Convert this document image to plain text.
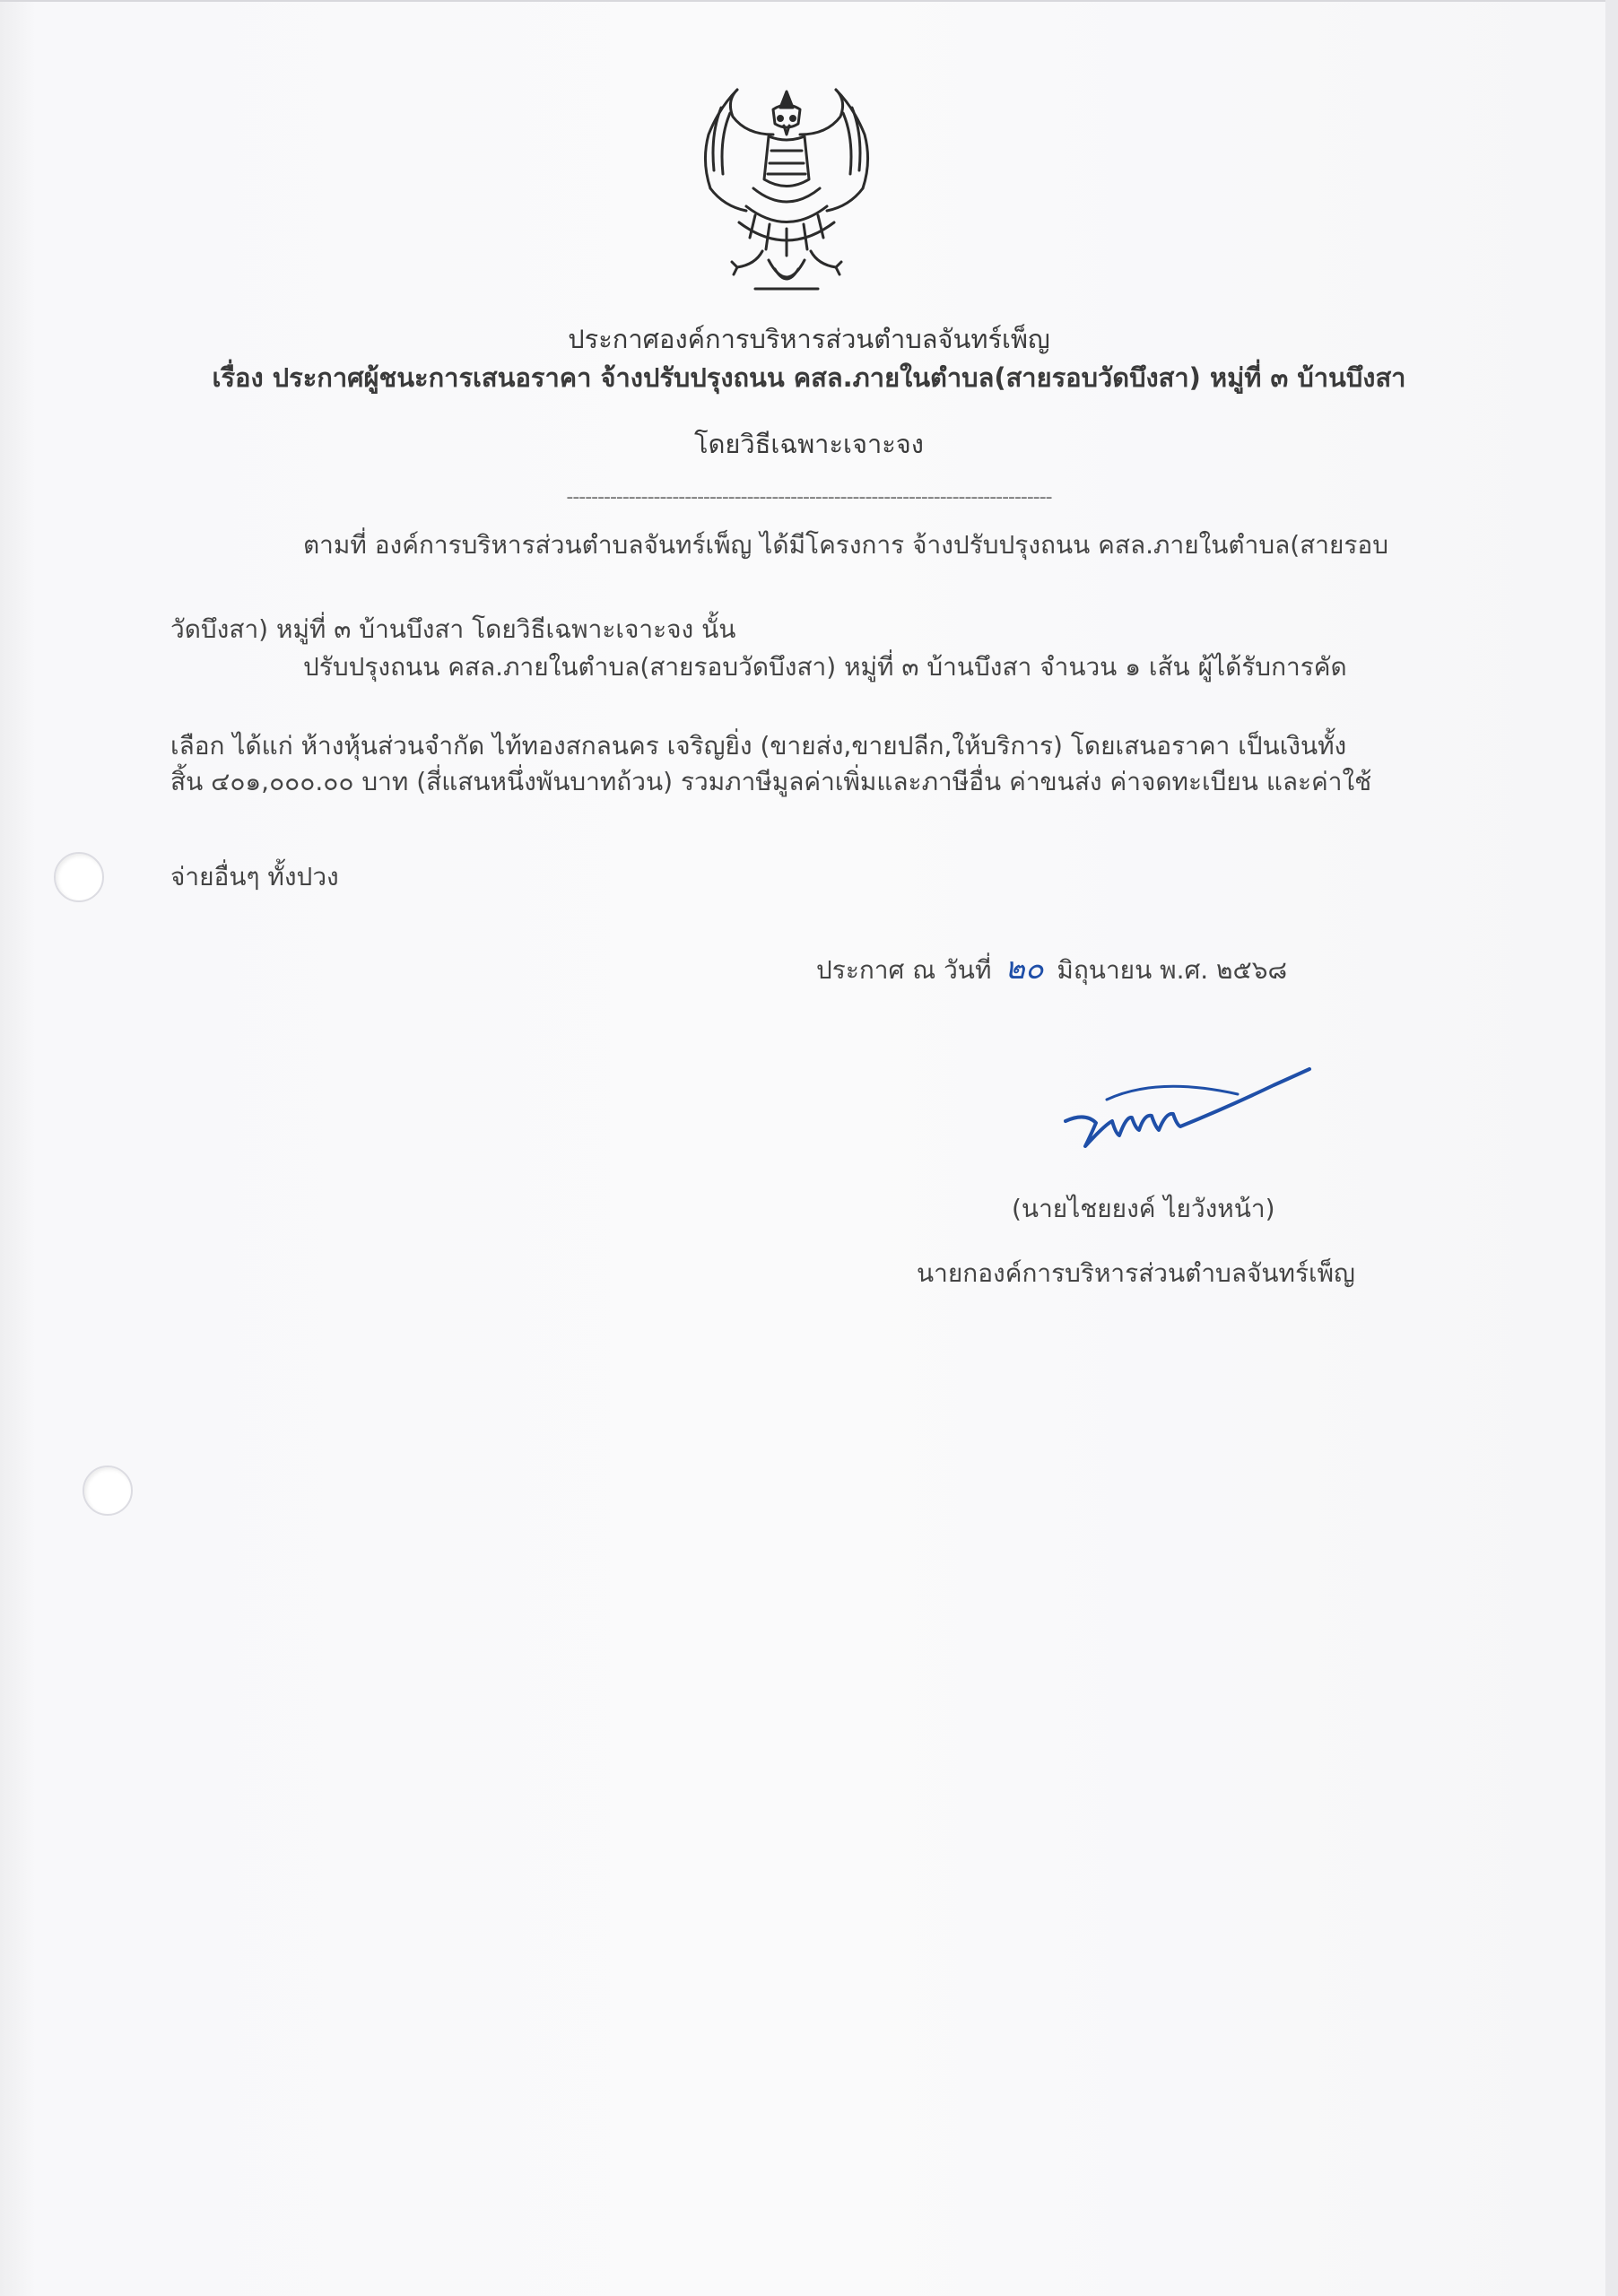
ประกาศองค์การบริหารส่วนตำบลจันทร์เพ็ญ
เรื่อง ประกาศผู้ชนะการเสนอราคา จ้างปรับปรุงถนน คสล.ภายในตำบล(สายรอบวัดบึงสา) หมู่ที่ ๓ บ้านบึงสา
โดยวิธีเฉพาะเจาะจง
------------------------------------------------------------------------------
ตามที่ องค์การบริหารส่วนตำบลจันทร์เพ็ญ ได้มีโครงการ จ้างปรับปรุงถนน คสล.ภายในตำบล(สายรอบ
วัดบึงสา) หมู่ที่ ๓ บ้านบึงสา โดยวิธีเฉพาะเจาะจง นั้น
ปรับปรุงถนน คสล.ภายในตำบล(สายรอบวัดบึงสา) หมู่ที่ ๓ บ้านบึงสา จำนวน ๑ เส้น ผู้ได้รับการคัด
เลือก ได้แก่ ห้างหุ้นส่วนจำกัด ไท้ทองสกลนคร เจริญยิ่ง (ขายส่ง,ขายปลีก,ให้บริการ) โดยเสนอราคา เป็นเงินทั้ง
สิ้น ๔๐๑,๐๐๐.๐๐ บาท (สี่แสนหนึ่งพันบาทถ้วน) รวมภาษีมูลค่าเพิ่มและภาษีอื่น ค่าขนส่ง ค่าจดทะเบียน และค่าใช้
จ่ายอื่นๆ ทั้งปวง
ประกาศ ณ วันที่ ๒๐ มิถุนายน พ.ศ. ๒๕๖๘
(นายไชยยงค์ ไยวังหน้า)
นายกองค์การบริหารส่วนตำบลจันทร์เพ็ญ
